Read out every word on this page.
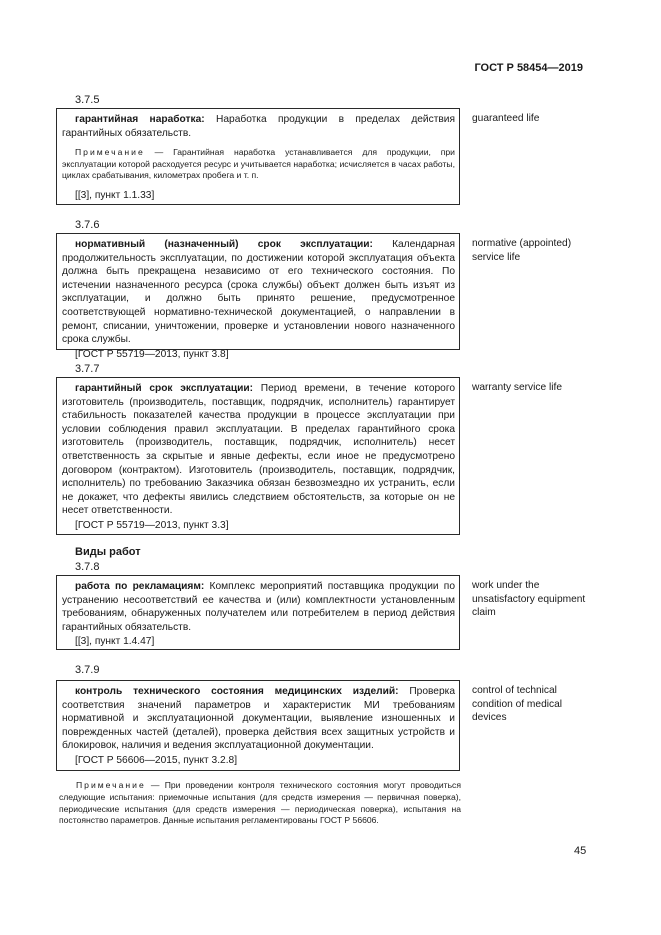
ГОСТ Р 58454—2019
3.7.5

гарантийная наработка: Наработка продукции в пределах действия гарантийных обязательств.

Примечание — Гарантийная наработка устанавливается для продукции, при эксплуатации которой расходуется ресурс и учитывается наработка; исчисляется в часах работы, циклах срабатывания, километрах пробега и т. п.

[[3], пункт 1.1.33]

guaranteed life
3.7.6

нормативный (назначенный) срок эксплуатации: Календарная продолжительность эксплуатации, по достижении которой эксплуатация объекта должна быть прекращена независимо от его технического состояния. По истечении назначенного ресурса (срока службы) объект должен быть изъят из эксплуатации, и должно быть принято решение, предусмотренное соответствующей нормативно-технической документацией, о направлении в ремонт, списании, уничтожении, проверке и установлении нового назначенного срока службы.

[ГОСТ Р 55719—2013, пункт 3.8]

normative (appointed) service life
3.7.7

гарантийный срок эксплуатации: Период времени, в течение которого изготовитель (производитель, поставщик, подрядчик, исполнитель) гарантирует стабильность показателей качества продукции в процессе эксплуатации при условии соблюдения правил эксплуатации. В пределах гарантийного срока изготовитель (производитель, поставщик, подрядчик, исполнитель) несет ответственность за скрытые и явные дефекты, если иное не предусмотрено договором (контрактом). Изготовитель (производитель, поставщик, подрядчик, исполнитель) по требованию Заказчика обязан безвозмездно их устранить, если не докажет, что дефекты явились следствием обстоятельств, за которые он не несет ответственности.

[ГОСТ Р 55719—2013, пункт 3.3]

warranty service life
Виды работ
3.7.8

работа по рекламациям: Комплекс мероприятий поставщика продукции по устранению несоответствий ее качества и (или) комплектности установленным требованиям, обнаруженных получателем или потребителем в период действия гарантийных обязательств.

[[3], пункт 1.4.47]

work under the unsatisfactory equipment claim
3.7.9

контроль технического состояния медицинских изделий: Проверка соответствия значений параметров и характеристик МИ требованиям нормативной и эксплуатационной документации, выявление изношенных и поврежденных частей (деталей), проверка действия всех защитных устройств и блокировок, наличия и ведения эксплуатационной документации.

[ГОСТ Р 56606—2015, пункт 3.2.8]

control of technical condition of medical devices
Примечание — При проведении контроля технического состояния могут проводиться следующие испытания: приемочные испытания (для средств измерения — первичная поверка), периодические испытания (для средств измерения — периодическая поверка), испытания на постоянство параметров. Данные испытания регламентированы ГОСТ Р 56606.
45
